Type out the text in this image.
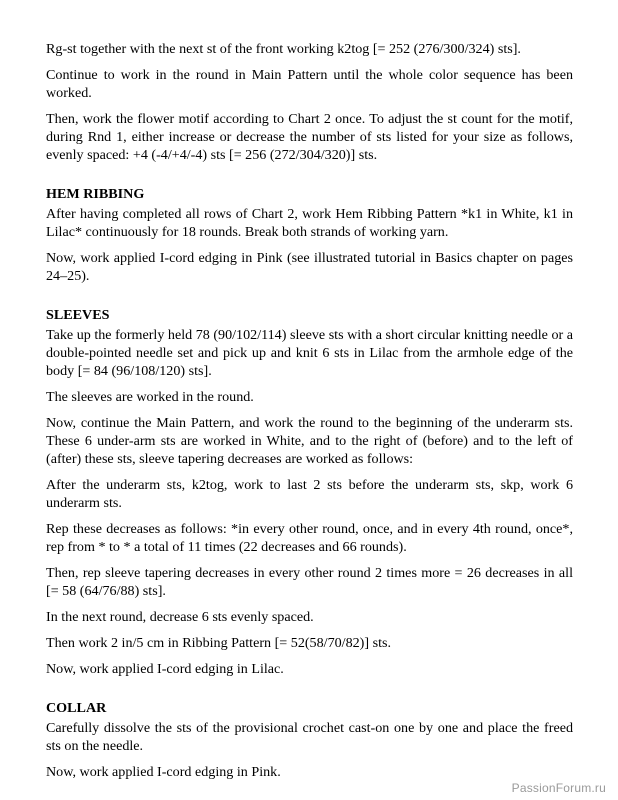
Rg-st together with the next st of the front working k2tog [= 252 (276/300/324) sts].

Continue to work in the round in Main Pattern until the whole color sequence has been worked.

Then, work the flower motif according to Chart 2 once. To adjust the st count for the motif, during Rnd 1, either increase or decrease the number of sts listed for your size as follows, evenly spaced: +4 (-4/+4/-4) sts [= 256 (272/304/320)] sts.

HEM RIBBING

After having completed all rows of Chart 2, work Hem Ribbing Pattern *k1 in White, k1 in Lilac* continuously for 18 rounds. Break both strands of working yarn.

Now, work applied I-cord edging in Pink (see illustrated tutorial in Basics chapter on pages 24–25).

SLEEVES

Take up the formerly held 78 (90/102/114) sleeve sts with a short circular knitting needle or a double-pointed needle set and pick up and knit 6 sts in Lilac from the armhole edge of the body [= 84 (96/108/120) sts].

The sleeves are worked in the round.

Now, continue the Main Pattern, and work the round to the beginning of the underarm sts. These 6 under-arm sts are worked in White, and to the right of (before) and to the left of (after) these sts, sleeve tapering decreases are worked as follows:

After the underarm sts, k2tog, work to last 2 sts before the underarm sts, skp, work 6 underarm sts.

Rep these decreases as follows: *in every other round, once, and in every 4th round, once*, rep from * to * a total of 11 times (22 decreases and 66 rounds).

Then, rep sleeve tapering decreases in every other round 2 times more = 26 decreases in all [= 58 (64/76/88) sts].

In the next round, decrease 6 sts evenly spaced.

Then work 2 in/5 cm in Ribbing Pattern [= 52(58/70/82)] sts.

Now, work applied I-cord edging in Lilac.

COLLAR

Carefully dissolve the sts of the provisional crochet cast-on one by one and place the freed sts on the needle.

Now, work applied I-cord edging in Pink.

PassionForum.ru
